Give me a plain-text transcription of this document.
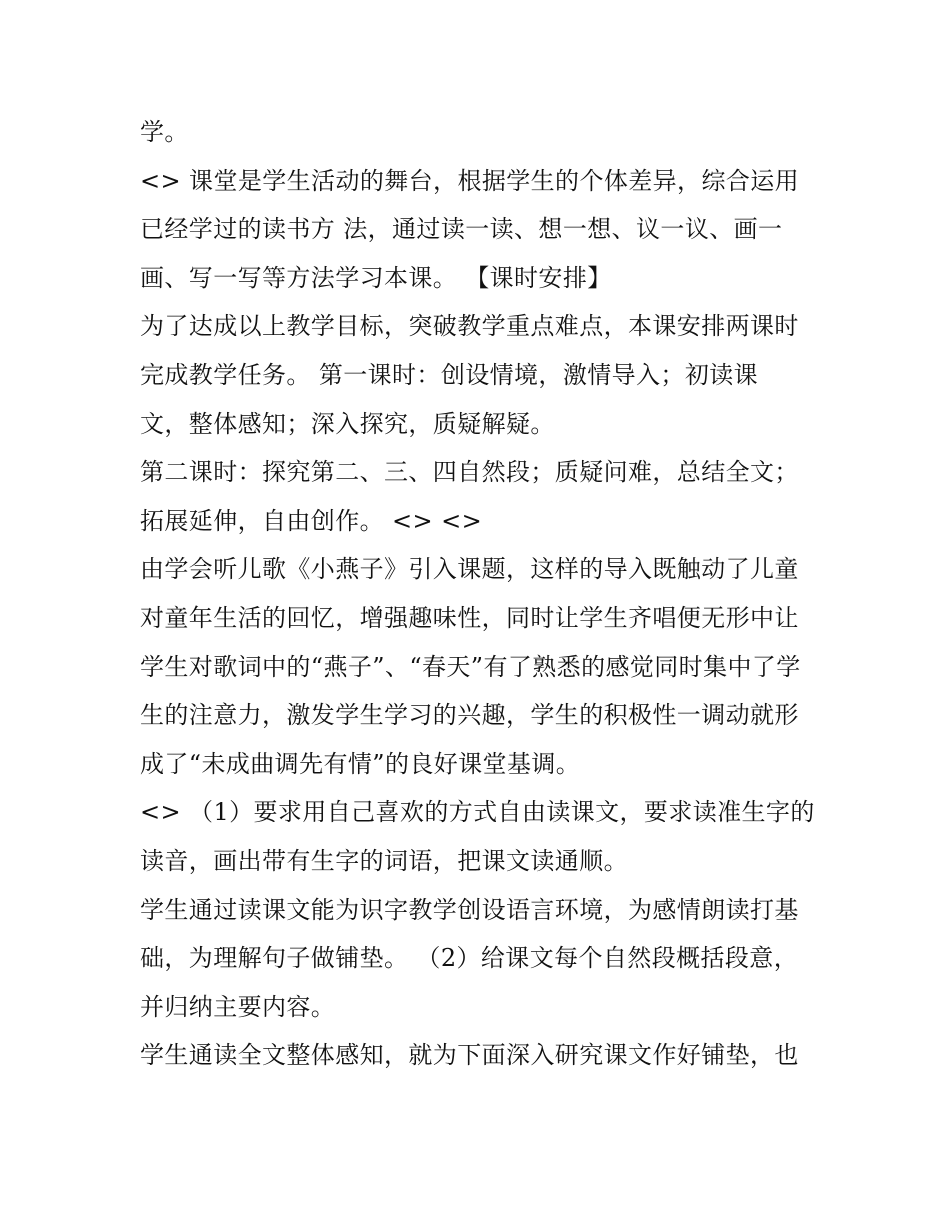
学。
<> 课堂是学生活动的舞台，根据学生的个体差异，综合运用
已经学过的读书方 法，通过读一读、想一想、议一议、画一
画、写一写等方法学习本课。 【课时安排】
为了达成以上教学目标，突破教学重点难点，本课安排两课时
完成教学任务。 第一课时：创设情境，激情导入；初读课
文，整体感知；深入探究，质疑解疑。
第二课时：探究第二、三、四自然段；质疑问难，总结全文；
拓展延伸，自由创作。 <> <>
由学会听儿歌《小燕子》引入课题，这样的导入既触动了儿童
对童年生活的回忆，增强趣味性，同时让学生齐唱便无形中让
学生对歌词中的“燕子”、“春天”有了熟悉的感觉同时集中了学
生的注意力，激发学生学习的兴趣，学生的积极性一调动就形
成了“未成曲调先有情”的良好课堂基调。
<> （1）要求用自己喜欢的方式自由读课文，要求读准生字的
读音，画出带有生字的词语，把课文读通顺。
学生通过读课文能为识字教学创设语言环境，为感情朗读打基
础，为理解句子做铺垫。 （2）给课文每个自然段概括段意，
并归纳主要内容。
学生通读全文整体感知，就为下面深入研究课文作好铺垫，也
